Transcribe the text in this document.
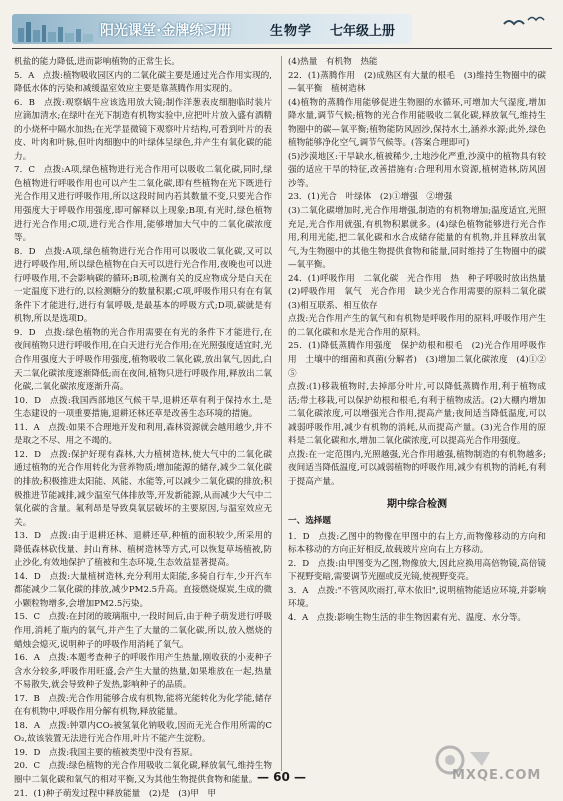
阳光课堂·金牌练习册	生物学 七年级上册

机盐的能力降低,进而影响植物的正常生长。

5．A　点拨:植物吸收园区内的二氧化碳主要是通过光合作用实现的,降低水体的污染和减缓温室效应主要是靠蒸腾作用实现的。

6．B　点拨:观察蜗牛应该选用放大镜;制作洋葱表皮细胞临时装片应滴加清水;在绿叶在光下制造有机物实验中,应把叶片放入盛有酒精的小烧杯中隔水加热;在光学显微镜下观察叶片结构,可看到叶片的表皮、叶肉和叶脉,但叶肉细胞中的叶绿体呈绿色,并产生有氧化碳的能力。

7．C　点拨:A项,绿色植物进行光合作用可以吸收二氧化碳,同时,绿色植物进行呼吸作用也可以产生二氧化碳,即有些植物在光下既进行光合作用又进行呼吸作用,所以这段时间内若其数量不变,只要光合作用强度大于呼吸作用强度,即可解释以上现象;B项,有光时,绿色植物进行光合作用;C项,进行光合作用,能够增加大气中的二氧化碳浓度等。

8．D　点拨:A项,绿色植物进行光合作用可以吸收二氧化碳,又可以进行呼吸作用,所以绿色植物在白天可以进行光合作用,夜晚也可以进行呼吸作用,不会影响碳的循环;B项,检测有关的反应物成分是白天在一定温度下进行的,以检测糖分的数量积累;C项,呼吸作用只有在有氧条件下才能进行,进行有氧呼吸,是最基本的呼吸方式;D项,碳就是有机物,所以是选项D。

9．D　点拨:绿色植物的光合作用需要在有光的条件下才能进行,在夜间植物只进行呼吸作用,在白天进行光合作用;在光照强度适宜时,光合作用强度大于呼吸作用强度,植物吸收二氧化碳,放出氧气,因此,白天二氧化碳浓度逐渐降低;而在夜间,植物只进行呼吸作用,释放出二氧化碳,二氧化碳浓度逐渐升高。

10．D　点拨:我国西部地区气候干旱,退耕还草有利于保持水土,是生态建设的一项重要措施,退耕还林还草是改善生态环境的措施。

11．A　点拨:如果不合理地开发和利用,森林资源就会越用越少,并不是取之不尽、用之不竭的。

12．D　点拨:保护好现有森林,大力植树造林,使大气中的二氧化碳通过植物的光合作用转化为营养物质;增加能源的储存,减少二氧化碳的排放;积极推进太阳能、风能、水能等,可以减少二氧化碳的排放;积极推进节能减排,减少温室气体排放等,开发新能源,从而减少大气中二氧化碳的含量。氟利昂是导致臭氧层破坏的主要原因,与温室效应无关。

13．D　点拨:由于退耕还林、退耕还草,种植的面积较少,所采用的降低森林砍伐量、封山育林、植树造林等方式,可以恢复草场植被,防止沙化,有效地保护了植被和生态环境,生态效益显著提高。

14．D　点拨:大量植树造林,充分利用太阳能,多骑自行车,少开汽车都能减少二氧化碳的排放,减少PM2.5升高。直接燃烧煤炭,生成的微小颗粒物增多,会增加PM2.5污染。

15．C　点拨:在封闭的玻璃瓶中,一段时间后,由于种子萌发进行呼吸作用,消耗了瓶内的氧气,并产生了大量的二氧化碳,所以,放入燃烧的蜡烛会熄灭,说明种子的呼吸作用消耗了氧气。

16．A　点拨:本题考查种子的呼吸作用产生热量,刚收获的小麦种子含水分较多,呼吸作用旺盛,会产生大量的热量,如果堆放在一起,热量不易散失,就会导致种子发热,影响种子的品质。

17．B　点拨:光合作用能够合成有机物,能将光能转化为化学能,储存在有机物中,呼吸作用分解有机物,释放能量。

18．A　点拨:钟罩内CO₂被氢氧化钠吸收,因而无光合作用所需的CO₂,故该装置无法进行光合作用,叶片不能产生淀粉。

19．D　点拨:我国主要的植被类型中没有苔原。

20．C　点拨:绿色植物的光合作用吸收二氧化碳,释放氧气,维持生物圈中二氧化碳和氧气的相对平衡,又为其他生物提供食物和能量。

21．(1)种子萌发过程中释放能量　(2)是　(3)甲　甲

(4)热量　有机物　热能

22．(1)蒸腾作用　(2)成熟区有大量的根毛　(3)维持生物圈中的碳—氧平衡　植树造林

(4)植物的蒸腾作用能够促进生物圈的水循环,可增加大气湿度,增加降水量,调节气候;植物的光合作用能吸收二氧化碳,释放氧气,维持生物圈中的碳—氧平衡;植物能防风固沙,保持水土,涵养水源;此外,绿色植物能够净化空气,调节气候等。(答案合理即可)

(5)沙漠地区:干旱缺水,植被稀少,土地沙化严重,沙漠中的植物具有较强的适应干旱的特征,改善措施有:合理利用水资源,植树造林,防风固沙等。

23．(1)光合　叶绿体　(2)①增强　②增强

(3)二氧化碳增加时,光合作用增强,制造的有机物增加;温度适宜,光照充足,光合作用就强,有机物积累就多。(4)绿色植物能够进行光合作用,利用光能,把二氧化碳和水合成储存能量的有机物,并且释放出氧气,为生物圈中的其他生物提供食物和能量,同时维持了生物圈中的碳—氧平衡。

24．(1)呼吸作用　二氧化碳　光合作用　热　种子呼吸时放出热量　(2)呼吸作用　氧气　光合作用　缺少光合作用需要的原料二氧化碳　(3)相互联系、相互依存

点拨:光合作用产生的氧气和有机物是呼吸作用的原料,呼吸作用产生的二氧化碳和水是光合作用的原料。

25．(1)降低蒸腾作用强度　保护幼根和根毛　(2)光合作用呼吸作用　土壤中的细菌和真菌(分解者)　(3)增加二氧化碳浓度　(4)①②⑤

点拨:(1)移栽植物时,去掉部分叶片,可以降低蒸腾作用,利于植物成活;带土移栽,可以保护幼根和根毛,有利于植物成活。(2)大棚内增加二氧化碳浓度,可以增强光合作用,提高产量;夜间适当降低温度,可以减弱呼吸作用,减少有机物的消耗,从而提高产量。(3)光合作用的原料是二氧化碳和水,增加二氧化碳浓度,可以提高光合作用强度。

点拨:在一定范围内,光照越强,光合作用越强,植物制造的有机物越多;夜间适当降低温度,可以减弱植物的呼吸作用,减少有机物的消耗,有利于提高产量。

期中综合检测
一、选择题

1．D　点拨:乙图中的物像在甲图中的右上方,而物像移动的方向和标本移动的方向正好相反,故载玻片应向右上方移动。

2．D　点拨:由甲图变为乙图,物像放大,因此应换用高倍物镜,高倍镜下视野变暗,需要调节光圈或反光镜,使视野变亮。

3．A　点拨:"不管风吹雨打,草木依旧",说明植物能适应环境,并影响环境。

4．A　点拨:影响生物生活的非生物因素有光、温度、水分等。

— 60 —	MXQE.COM
